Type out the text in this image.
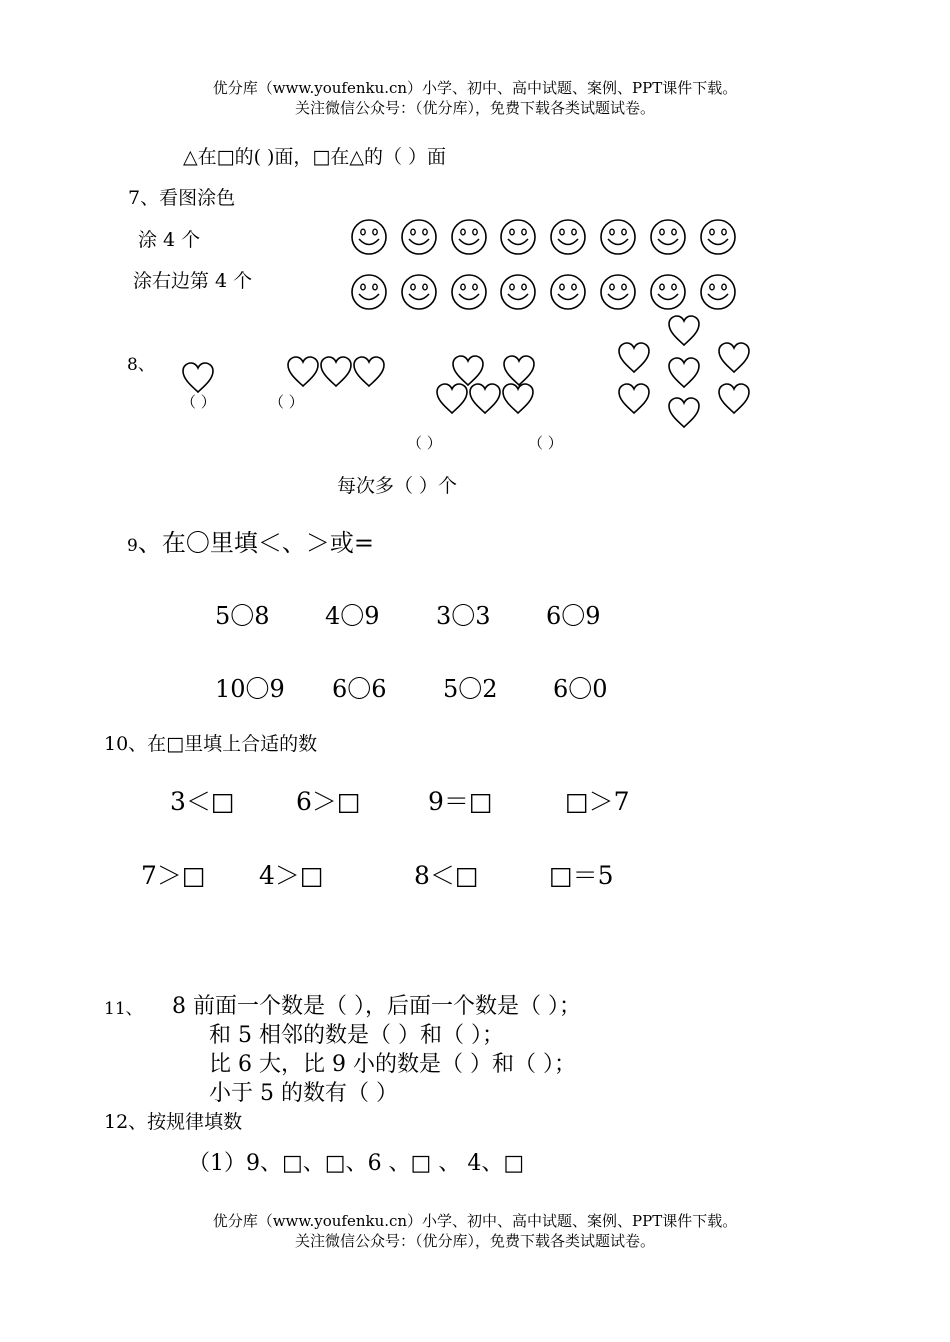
优分库（www.youfenku.cn）小学、初中、高中试题、案例、PPT课件下载。
关注微信公众号：（优分库），免费下载各类试题试卷。
△在□的( )面，□在△的（ ）面
7、看图涂色
涂 4 个
涂右边第 4 个
8、
（ ）	（ ）
（ ）	（ ）
每次多（ ）个
9、在〇里填＜、＞或=
5〇8 4〇9 3〇3 6〇9
10〇9 6〇6 5〇2 6〇0
10、在□里填上合适的数
3＜□ 6＞□	9＝□	□＞7
7＞□ 4＞□	8＜□	□＝5
11、 8 前面一个数是（ ），后面一个数是（ ）；
和 5 相邻的数是（ ）和（ ）；
比 6 大，比 9 小的数是（ ）和（ ）；
小于 5 的数有（ ）
12、按规律填数
（1）9、□、□、6 、□ 、 4、□
优分库（www.youfenku.cn）小学、初中、高中试题、案例、PPT课件下载。
关注微信公众号：（优分库），免费下载各类试题试卷。
